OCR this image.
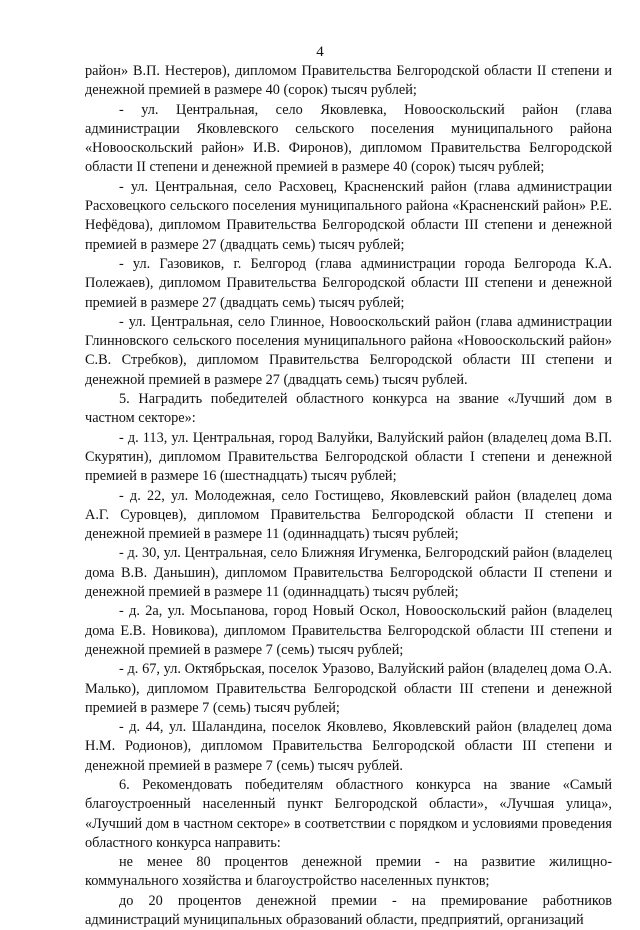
4

район» В.П. Нестеров), дипломом Правительства Белгородской области II степени и денежной премией в размере 40 (сорок) тысяч рублей;

- ул. Центральная, село Яковлевка, Новооскольский район (глава администрации Яковлевского сельского поселения муниципального района «Новооскольский район» И.В. Фиронов), дипломом Правительства Белгородской области II степени и денежной премией в размере 40 (сорок) тысяч рублей;

- ул. Центральная, село Расховец, Красненский район (глава администрации Расховецкого сельского поселения муниципального района «Красненский район» Р.Е. Нефёдова), дипломом Правительства Белгородской области III степени и денежной премией в размере 27 (двадцать семь) тысяч рублей;

- ул. Газовиков, г. Белгород (глава администрации города Белгорода К.А. Полежаев), дипломом Правительства Белгородской области III степени и денежной премией в размере 27 (двадцать семь) тысяч рублей;

- ул. Центральная, село Глинное, Новооскольский район (глава администрации Глинновского сельского поселения муниципального района «Новооскольский район» С.В. Стребков), дипломом Правительства Белгородской области III степени и денежной премией в размере 27 (двадцать семь) тысяч рублей.

5. Наградить победителей областного конкурса на звание «Лучший дом в частном секторе»:

- д. 113, ул. Центральная, город Валуйки, Валуйский район (владелец дома В.П. Скурятин), дипломом Правительства Белгородской области I степени и денежной премией в размере 16 (шестнадцать) тысяч рублей;

- д. 22, ул. Молодежная, село Гостищево, Яковлевский район (владелец дома А.Г. Суровцев), дипломом Правительства Белгородской области II степени и денежной премией в размере 11 (одиннадцать) тысяч рублей;

- д. 30, ул. Центральная, село Ближняя Игуменка, Белгородский район (владелец дома В.В. Даньшин), дипломом Правительства Белгородской области II степени и денежной премией в размере 11 (одиннадцать) тысяч рублей;

- д. 2а, ул. Мосьпанова, город Новый Оскол, Новооскольский район (владелец дома Е.В. Новикова), дипломом Правительства Белгородской области III степени и денежной премией в размере 7 (семь) тысяч рублей;

- д. 67, ул. Октябрьская, поселок Уразово, Валуйский район (владелец дома О.А. Малько), дипломом Правительства Белгородской области III степени и денежной премией в размере 7 (семь) тысяч рублей;

- д. 44, ул. Шаландина, поселок Яковлево, Яковлевский район (владелец дома Н.М. Родионов), дипломом Правительства Белгородской области III степени и денежной премией в размере 7 (семь) тысяч рублей.

6. Рекомендовать победителям областного конкурса на звание «Самый благоустроенный населенный пункт Белгородской области», «Лучшая улица», «Лучший дом в частном секторе» в соответствии с порядком и условиями проведения областного конкурса направить:

не менее 80 процентов денежной премии - на развитие жилищно-коммунального хозяйства и благоустройство населенных пунктов;

до 20 процентов денежной премии - на премирование работников администраций муниципальных образований области, предприятий, организаций
